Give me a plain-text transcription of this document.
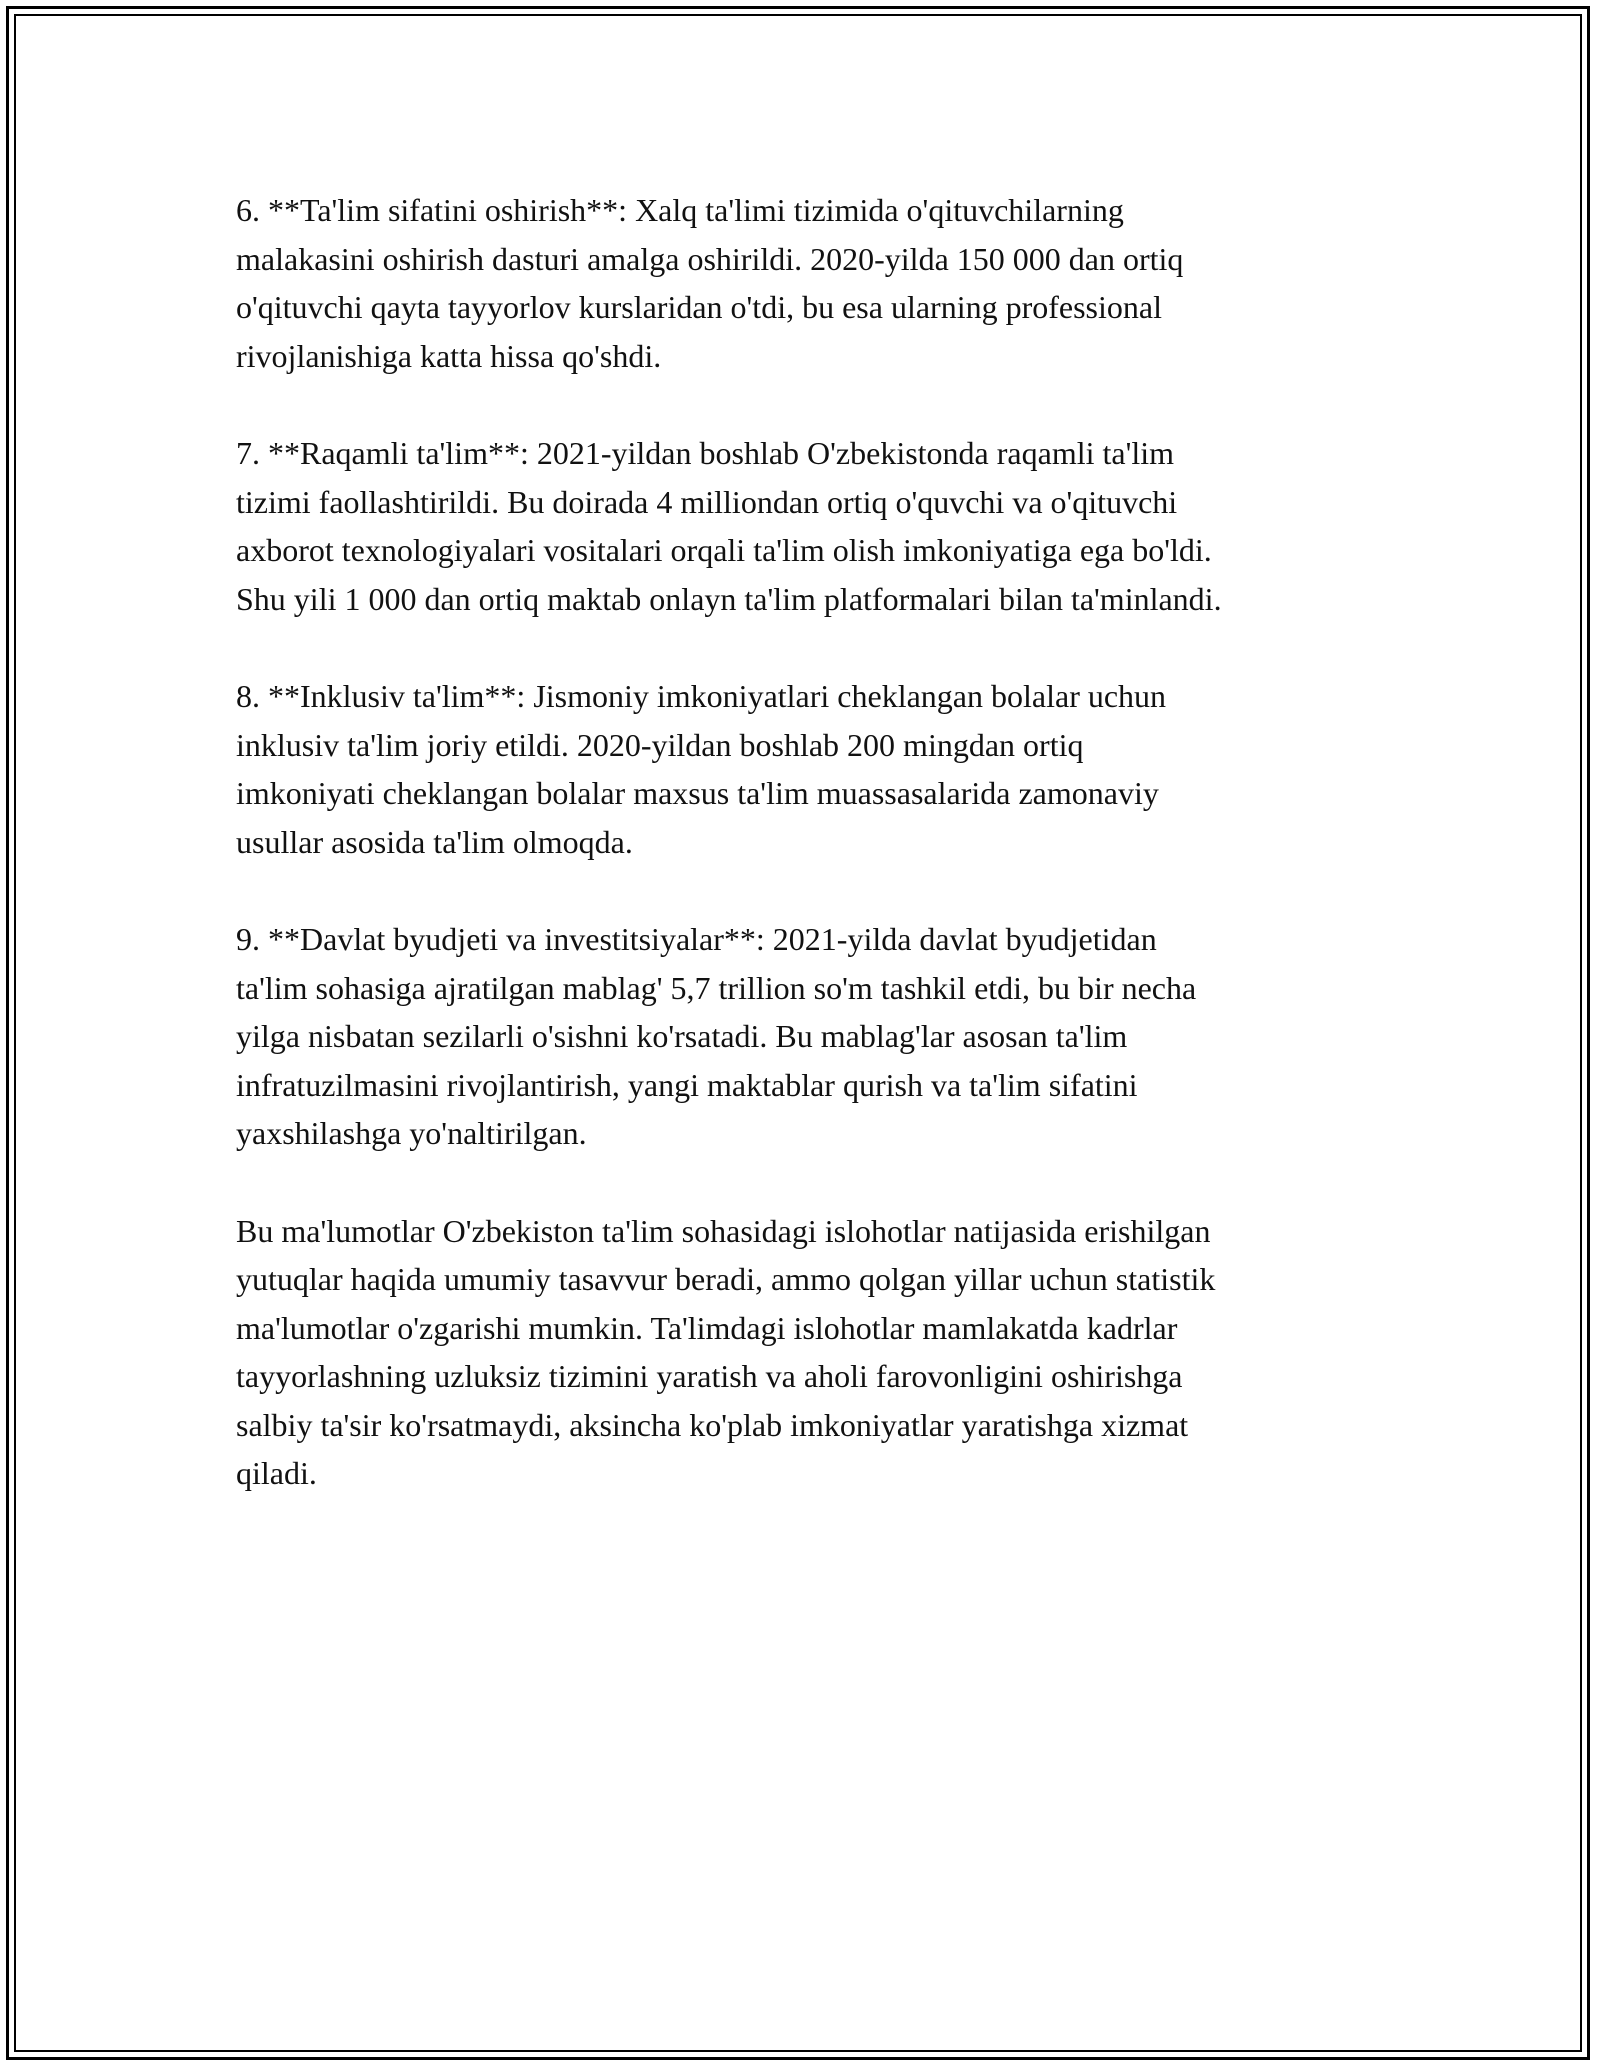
6. **Ta'lim sifatini oshirish**: Xalq ta'limi tizimida o'qituvchilarning
malakasini oshirish dasturi amalga oshirildi. 2020-yilda 150 000 dan ortiq
o'qituvchi qayta tayyorlov kurslaridan o'tdi, bu esa ularning professional
rivojlanishiga katta hissa qo'shdi.

7. **Raqamli ta'lim**: 2021-yildan boshlab O'zbekistonda raqamli ta'lim
tizimi faollashtirildi. Bu doirada 4 milliondan ortiq o'quvchi va o'qituvchi
axborot texnologiyalari vositalari orqali ta'lim olish imkoniyatiga ega bo'ldi.
Shu yili 1 000 dan ortiq maktab onlayn ta'lim platformalari bilan ta'minlandi.

8. **Inklusiv ta'lim**: Jismoniy imkoniyatlari cheklangan bolalar uchun
inklusiv ta'lim joriy etildi. 2020-yildan boshlab 200 mingdan ortiq
imkoniyati cheklangan bolalar maxsus ta'lim muassasalarida zamonaviy
usullar asosida ta'lim olmoqda.

9. **Davlat byudjeti va investitsiyalar**: 2021-yilda davlat byudjetidan
ta'lim sohasiga ajratilgan mablag' 5,7 trillion so'm tashkil etdi, bu bir necha
yilga nisbatan sezilarli o'sishni ko'rsatadi. Bu mablag'lar asosan ta'lim
infratuzilmasini rivojlantirish, yangi maktablar qurish va ta'lim sifatini
yaxshilashga yo'naltirilgan.

Bu ma'lumotlar O'zbekiston ta'lim sohasidagi islohotlar natijasida erishilgan
yutuqlar haqida umumiy tasavvur beradi, ammo qolgan yillar uchun statistik
ma'lumotlar o'zgarishi mumkin. Ta'limdagi islohotlar mamlakatda kadrlar
tayyorlashning uzluksiz tizimini yaratish va aholi farovonligini oshirishga
salbiy ta'sir ko'rsatmaydi, aksincha ko'plab imkoniyatlar yaratishga xizmat
qiladi.
